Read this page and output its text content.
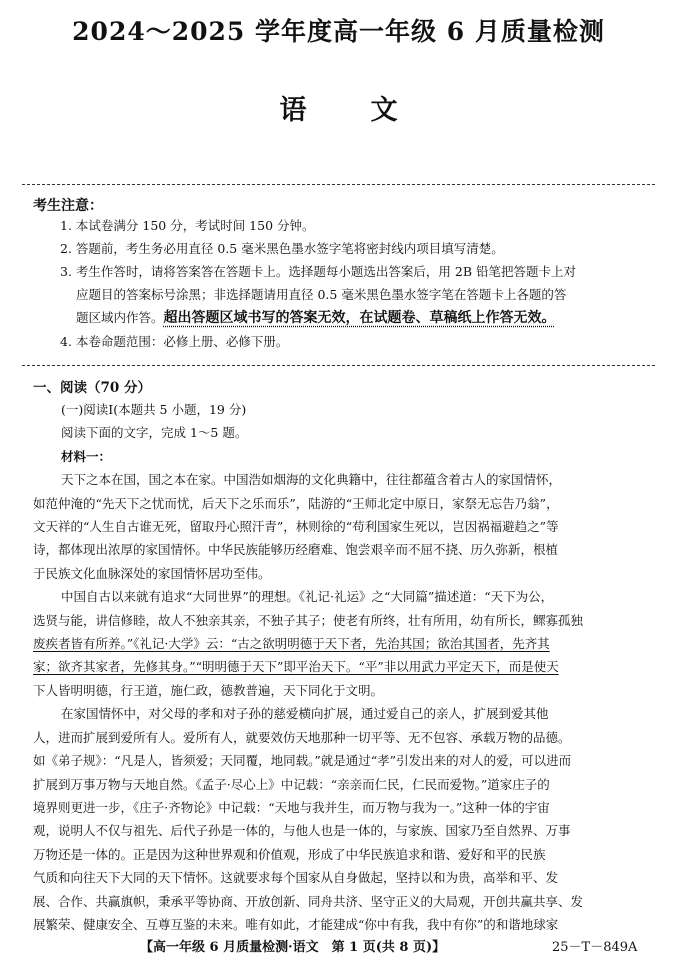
2024～2025 学年度高一年级 6 月质量检测
语文
考生注意：
1. 本试卷满分 150 分，考试时间 150 分钟。
2. 答题前，考生务必用直径 0.5 毫米黑色墨水签字笔将密封线内项目填写清楚。
3. 考生作答时，请将答案答在答题卡上。选择题每小题选出答案后，用 2B 铅笔把答题卡上对
应题目的答案标号涂黑；非选择题请用直径 0.5 毫米黑色墨水签字笔在答题卡上各题的答
题区域内作答。超出答题区域书写的答案无效，在试题卷、草稿纸上作答无效。
4. 本卷命题范围：必修上册、必修下册。
一、阅读（70 分）
(一)阅读Ⅰ(本题共 5 小题，19 分)
阅读下面的文字，完成 1～5 题。
材料一：
天下之本在国，国之本在家。中国浩如烟海的文化典籍中，往往都蕴含着古人的家国情怀，
如范仲淹的“先天下之忧而忧，后天下之乐而乐”，陆游的“王师北定中原日，家祭无忘告乃翁”，
文天祥的“人生自古谁无死，留取丹心照汗青”，林则徐的“苟利国家生死以，岂因祸福避趋之”等
诗，都体现出浓厚的家国情怀。中华民族能够历经磨难、饱尝艰辛而不屈不挠、历久弥新，根植
于民族文化血脉深处的家国情怀居功至伟。
中国自古以来就有追求“大同世界”的理想。《礼记·礼运》之“大同篇”描述道：“天下为公，
选贤与能，讲信修睦，故人不独亲其亲，不独子其子；使老有所终，壮有所用，幼有所长，鳏寡孤独
废疾者皆有所养。”《礼记·大学》云：“古之欲明明德于天下者，先治其国；欲治其国者，先齐其
家；欲齐其家者，先修其身。”“明明德于天下”即平治天下。“平”非以用武力平定天下，而是使天
下人皆明明德，行王道，施仁政，德教普遍，天下同化于文明。
在家国情怀中，对父母的孝和对子孙的慈爱横向扩展，通过爱自己的亲人，扩展到爱其他
人，进而扩展到爱所有人。爱所有人，就要效仿天地那种一切平等、无不包容、承载万物的品德。
如《弟子规》：“凡是人，皆须爱；天同覆，地同载。”就是通过“孝”引发出来的对人的爱，可以进而
扩展到万事万物与天地自然。《孟子·尽心上》中记载：“亲亲而仁民，仁民而爱物。”道家庄子的
境界则更进一步，《庄子·齐物论》中记载：“天地与我并生，而万物与我为一。”这种一体的宇宙
观，说明人不仅与祖先、后代子孙是一体的，与他人也是一体的，与家族、国家乃至自然界、万事
万物还是一体的。正是因为这种世界观和价值观，形成了中华民族追求和谐、爱好和平的民族
气质和向往天下大同的天下情怀。这就要求每个国家从自身做起，坚持以和为贵，高举和平、发
展、合作、共赢旗帜，秉承平等协商、开放创新、同舟共济、坚守正义的大局观，开创共赢共享、发
展繁荣、健康安全、互尊互鉴的未来。唯有如此，才能建成“你中有我，我中有你”的和谐地球家
【高一年级 6 月质量检测·语文　第 1 页(共 8 页)】	25－T－849A
